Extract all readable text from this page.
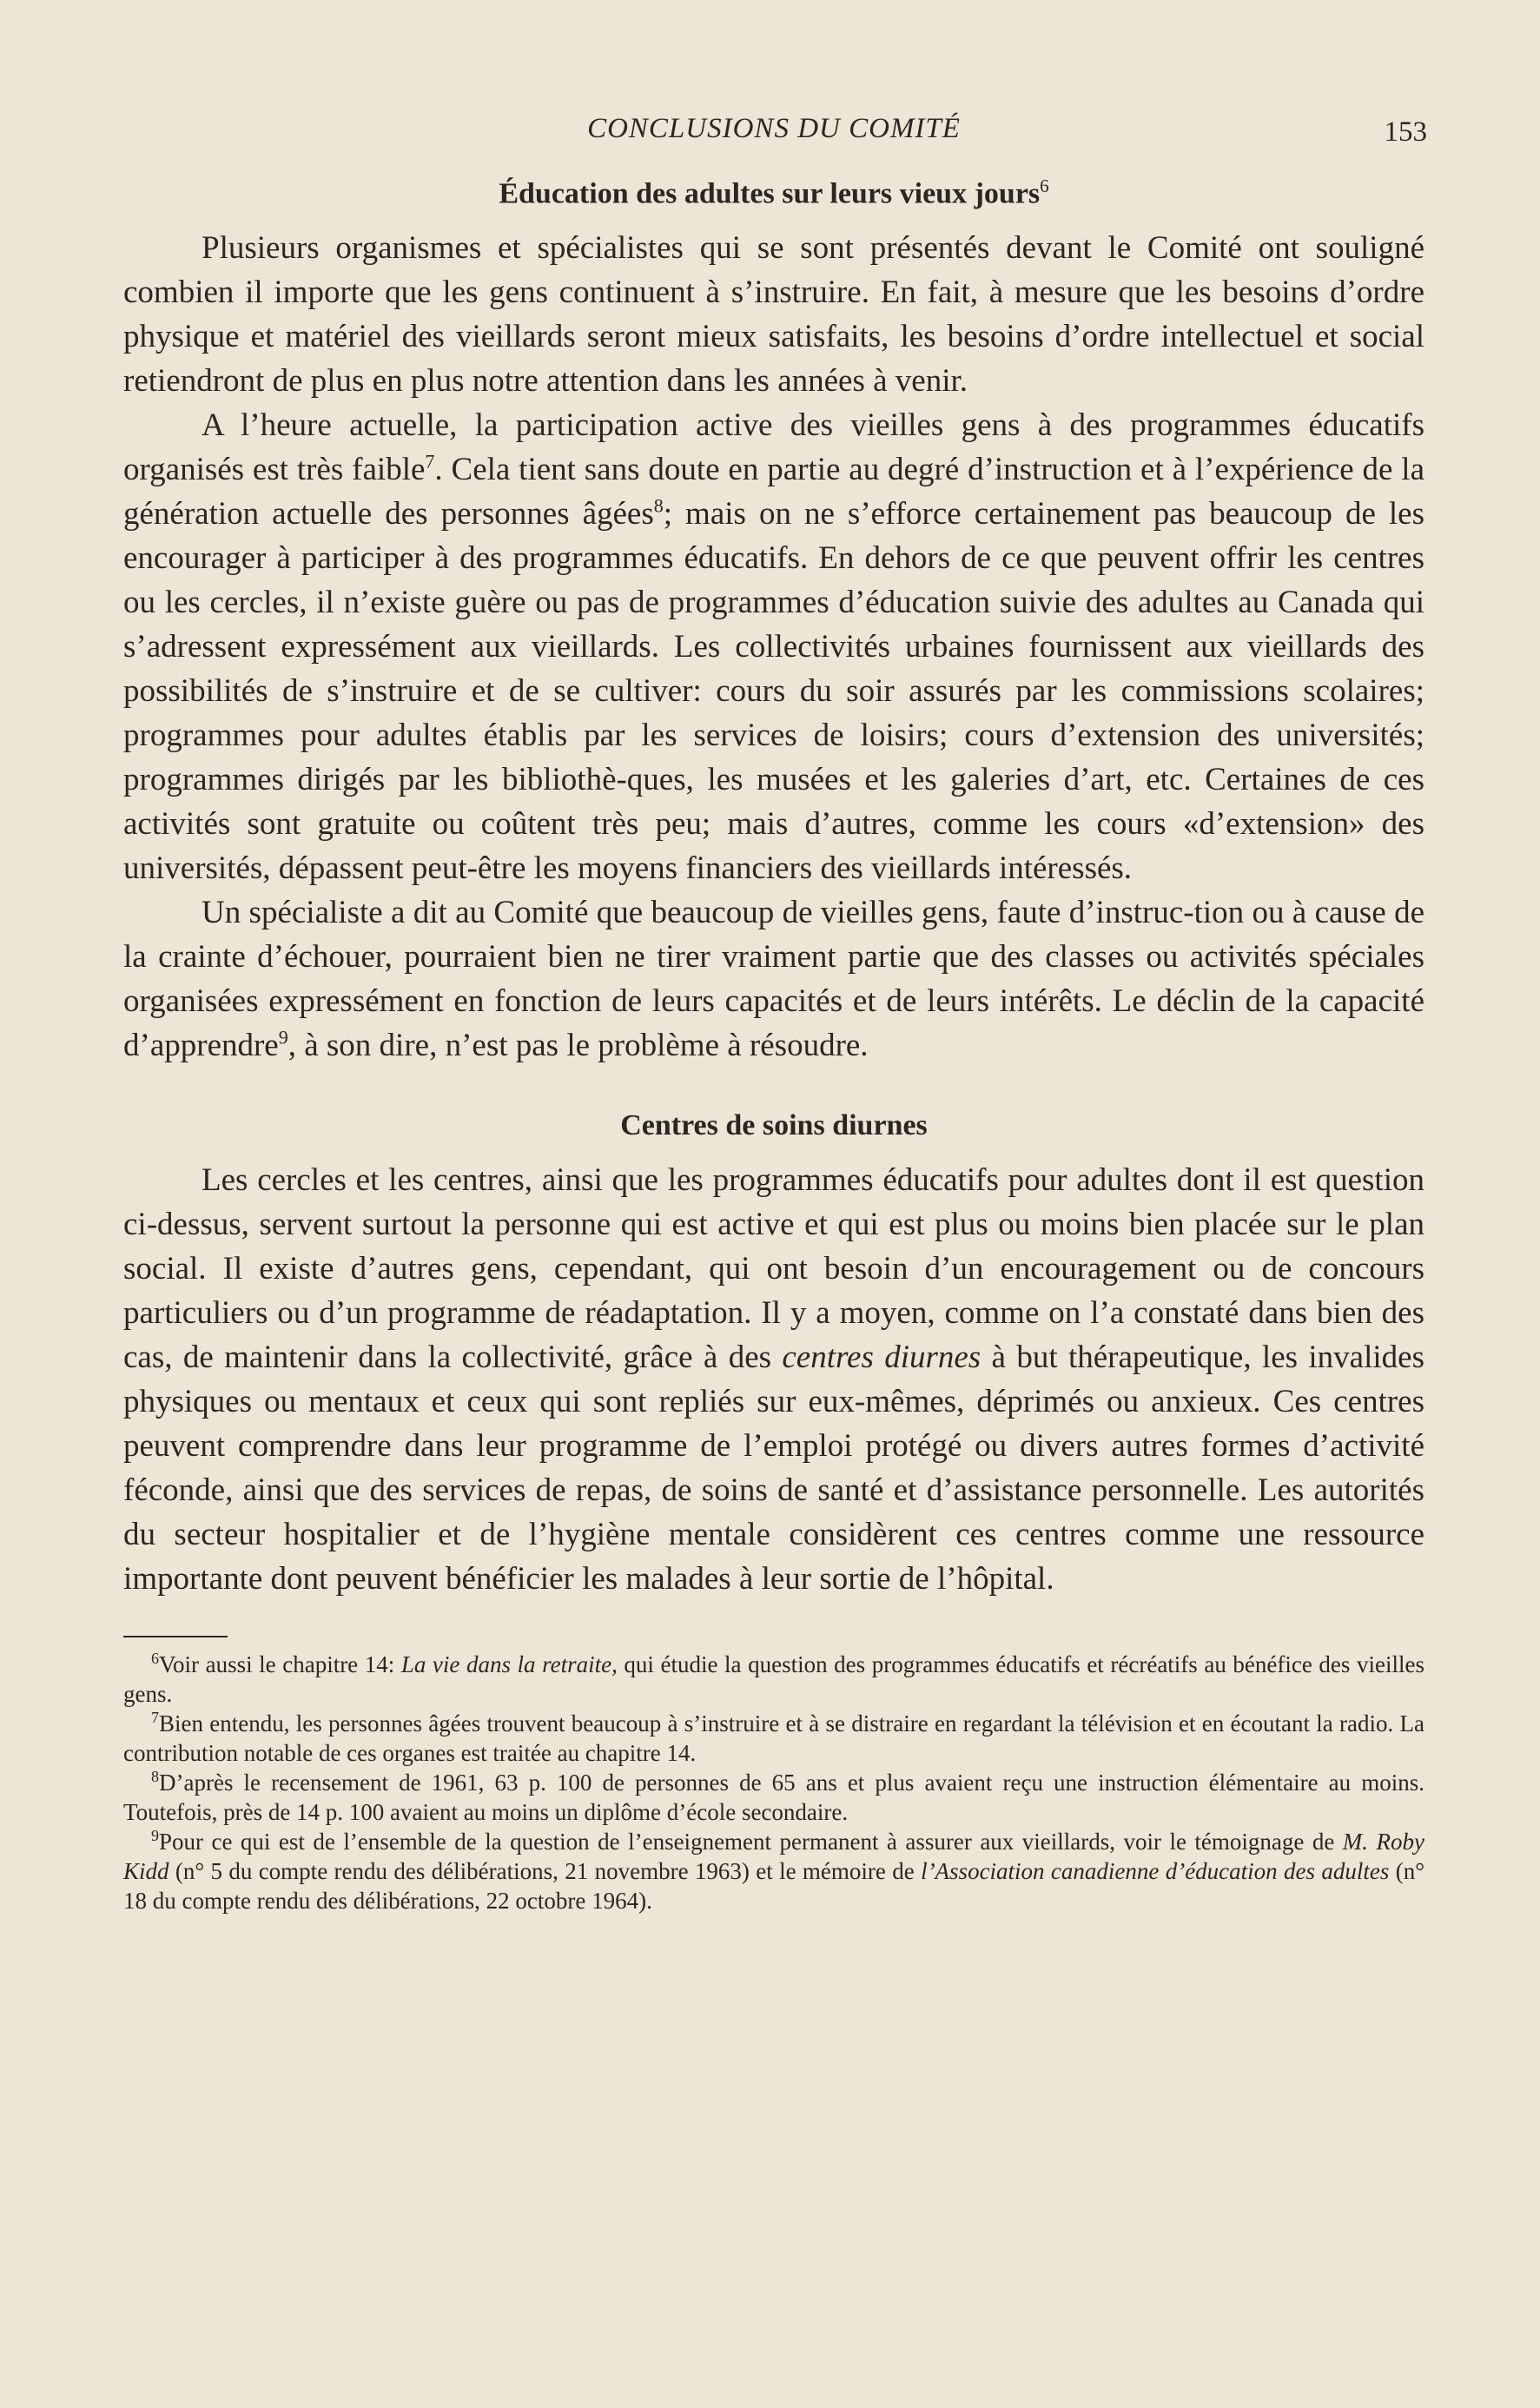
CONCLUSIONS DU COMITÉ	153
Éducation des adultes sur leurs vieux jours$^6$

Plusieurs organismes et spécialistes qui se sont présentés devant le Comité ont souligné combien il importe que les gens continuent à s’instruire. En fait, à mesure que les besoins d’ordre physique et matériel des vieillards seront mieux satisfaits, les besoins d’ordre intellectuel et social retiendront de plus en plus notre attention dans les années à venir.

A l’heure actuelle, la participation active des vieilles gens à des programmes éducatifs organisés est très faible$^7$. Cela tient sans doute en partie au degré d’instruction et à l’expérience de la génération actuelle des personnes âgées$^8$; mais on ne s’efforce certainement pas beaucoup de les encourager à participer à des programmes éducatifs. En dehors de ce que peuvent offrir les centres ou les cercles, il n’existe guère ou pas de programmes d’éducation suivie des adultes au Canada qui s’adressent expressément aux vieillards. Les collectivités urbaines fournissent aux vieillards des possibilités de s’instruire et de se cultiver: cours du soir assurés par les commissions scolaires; programmes pour adultes établis par les services de loisirs; cours d’extension des universités; programmes dirigés par les bibliothè-ques, les musées et les galeries d’art, etc. Certaines de ces activités sont gratuite ou coûtent très peu; mais d’autres, comme les cours «d’extension» des universités, dépassent peut-être les moyens financiers des vieillards intéressés.

Un spécialiste a dit au Comité que beaucoup de vieilles gens, faute d’instruc-tion ou à cause de la crainte d’échouer, pourraient bien ne tirer vraiment partie que des classes ou activités spéciales organisées expressément en fonction de leurs capacités et de leurs intérêts. Le déclin de la capacité d’apprendre$^9$, à son dire, n’est pas le problème à résoudre.

Centres de soins diurnes

Les cercles et les centres, ainsi que les programmes éducatifs pour adultes dont il est question ci-dessus, servent surtout la personne qui est active et qui est plus ou moins bien placée sur le plan social. Il existe d’autres gens, cependant, qui ont besoin d’un encouragement ou de concours particuliers ou d’un programme de réadaptation. Il y a moyen, comme on l’a constaté dans bien des cas, de maintenir dans la collectivité, grâce à des centres diurnes à but thérapeutique, les invalides physiques ou mentaux et ceux qui sont repliés sur eux-mêmes, déprimés ou anxieux. Ces centres peuvent comprendre dans leur programme de l’emploi protégé ou divers autres formes d’activité féconde, ainsi que des services de repas, de soins de santé et d’assistance personnelle. Les autorités du secteur hospitalier et de l’hygiène mentale considèrent ces centres comme une ressource importante dont peuvent bénéficier les malades à leur sortie de l’hôpital.

$^6$Voir aussi le chapitre 14: La vie dans la retraite, qui étudie la question des programmes éducatifs et récréatifs au bénéfice des vieilles gens.

$^7$Bien entendu, les personnes âgées trouvent beaucoup à s’instruire et à se distraire en regardant la télévision et en écoutant la radio. La contribution notable de ces organes est traitée au chapitre 14.

$^8$D’après le recensement de 1961, 63 p. 100 de personnes de 65 ans et plus avaient reçu une instruction élémentaire au moins. Toutefois, près de 14 p. 100 avaient au moins un diplôme d’école secondaire.

$^9$Pour ce qui est de l’ensemble de la question de l’enseignement permanent à assurer aux vieillards, voir le témoignage de M. Roby Kidd (n° 5 du compte rendu des délibérations, 21 novembre 1963) et le mémoire de l’Association canadienne d’éducation des adultes (n° 18 du compte rendu des délibérations, 22 octobre 1964).
